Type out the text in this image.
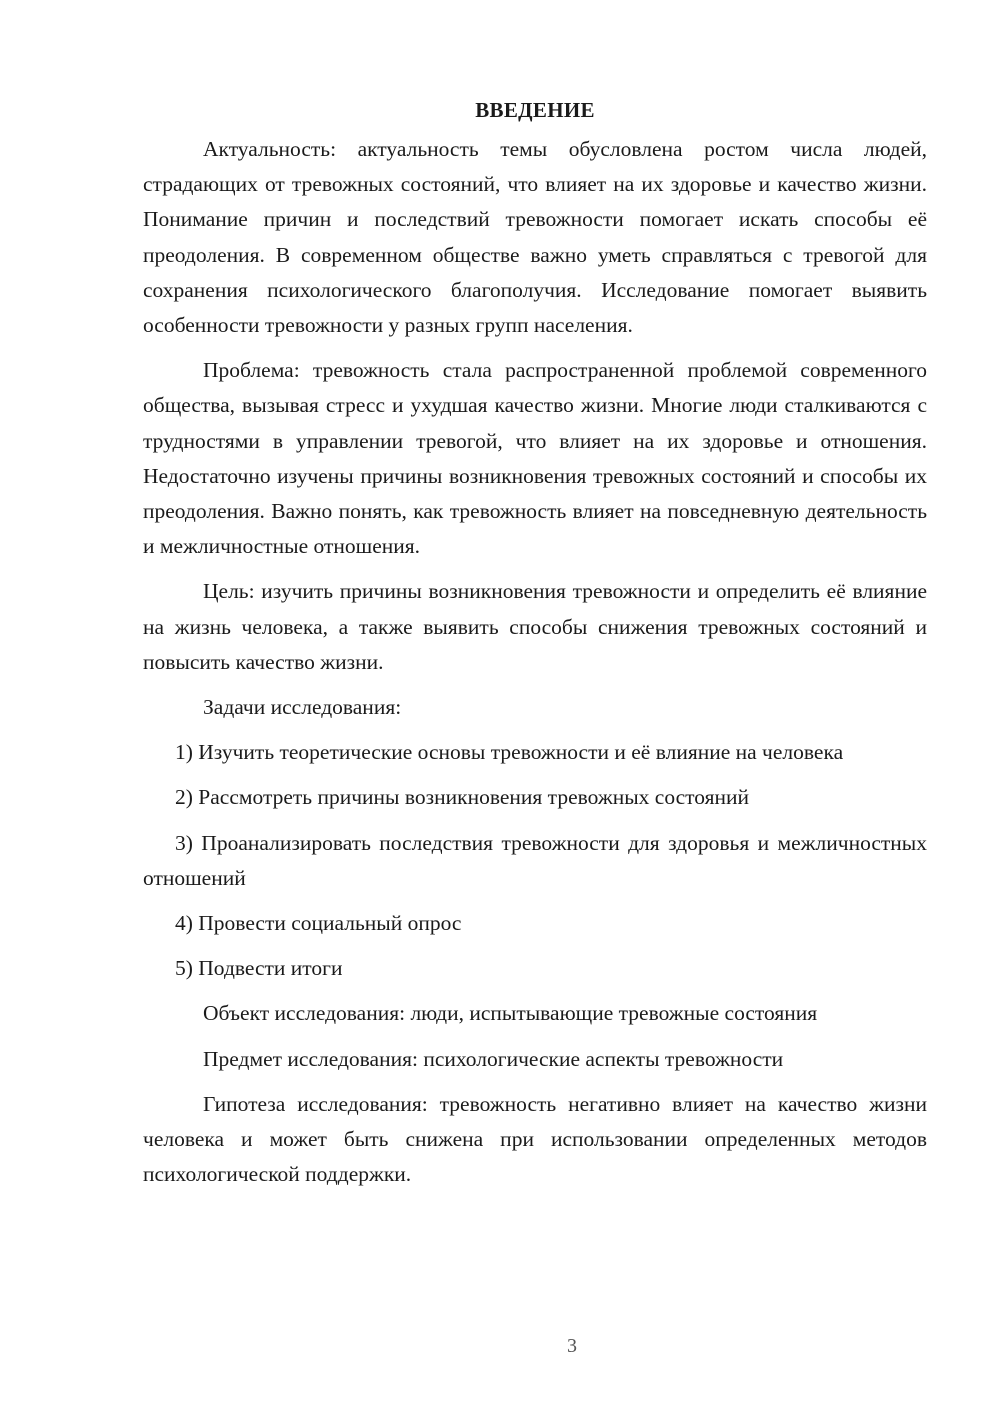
ВВЕДЕНИЕ

Актуальность: актуальность темы обусловлена ростом числа людей, страдающих от тревожных состояний, что влияет на их здоровье и качество жизни. Понимание причин и последствий тревожности помогает искать способы её преодоления. В современном обществе важно уметь справляться с тревогой для сохранения психологического благополучия. Исследование помогает выявить особенности тревожности у разных групп населения.

Проблема: тревожность стала распространенной проблемой современного общества, вызывая стресс и ухудшая качество жизни. Многие люди сталкиваются с трудностями в управлении тревогой, что влияет на их здоровье и отношения. Недостаточно изучены причины возникновения тревожных состояний и способы их преодоления. Важно понять, как тревожность влияет на повседневную деятельность и межличностные отношения.

Цель: изучить причины возникновения тревожности и определить её влияние на жизнь человека, а также выявить способы снижения тревожных состояний и повысить качество жизни.

Задачи исследования:

1) Изучить теоретические основы тревожности и её влияние на человека

2) Рассмотреть причины возникновения тревожных состояний

3) Проанализировать последствия тревожности для здоровья и межличностных отношений

4) Провести социальный опрос

5) Подвести итоги

Объект исследования: люди, испытывающие тревожные состояния

Предмет исследования: психологические аспекты тревожности

Гипотеза исследования: тревожность негативно влияет на качество жизни человека и может быть снижена при использовании определенных методов психологической поддержки.

3
